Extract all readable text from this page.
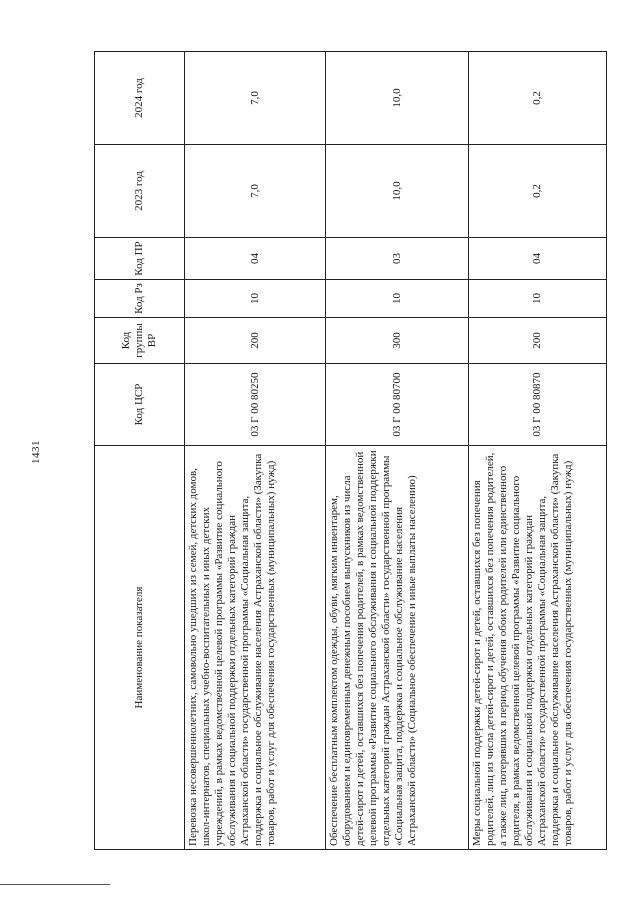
1431
Наименование показателя	Код ЦСР	Код группы ВР	Код Рз	Код ПР	2023 год	2024 год
Перевозка несовершеннолетних, самовольно ушедших из семей, детских домов, школ-интернатов, специальных учебно-воспитательных и иных детских учреждений, в рамках ведомственной целевой программы «Развитие социального обслуживания и социальной поддержки отдельных категорий граждан Астраханской области» государственной программы «Социальная защита, поддержка и социальное обслуживание населения Астраханской области» (Закупка товаров, работ и услуг для обеспечения государственных (муниципальных) нужд)	03 Г 00 80250	200	10	04	7,0	7,0
Обеспечение бесплатным комплектом одежды, обуви, мягким инвентарем, оборудованием и единовременным денежным пособием выпускников из числа детей-сирот и детей, оставшихся без попечения родителей, в рамках ведомственной целевой программы «Развитие социального обслуживания и социальной поддержки отдельных категорий граждан Астраханской области» государственной программы «Социальная защита, поддержка и социальное обслуживание населения Астраханской области» (Социальное обеспечение и иные выплаты населению)	03 Г 00 80700	300	10	03	10,0	10,0
Меры социальной поддержки детей-сирот и детей, оставшихся без попечения родителей, лиц из числа детей-сирот и детей, оставшихся без попечения родителей, а также лиц, потерявших в период обучения обоих родителей или единственного родителя, в рамках ведомственной целевой программы «Развитие социального обслуживания и социальной поддержки отдельных категорий граждан Астраханской области» государственной программы «Социальная защита, поддержка и социальное обслуживание населения Астраханской области» (Закупка товаров, работ и услуг для обеспечения государственных (муниципальных) нужд)	03 Г 00 80870	200	10	04	0,2	0,2
